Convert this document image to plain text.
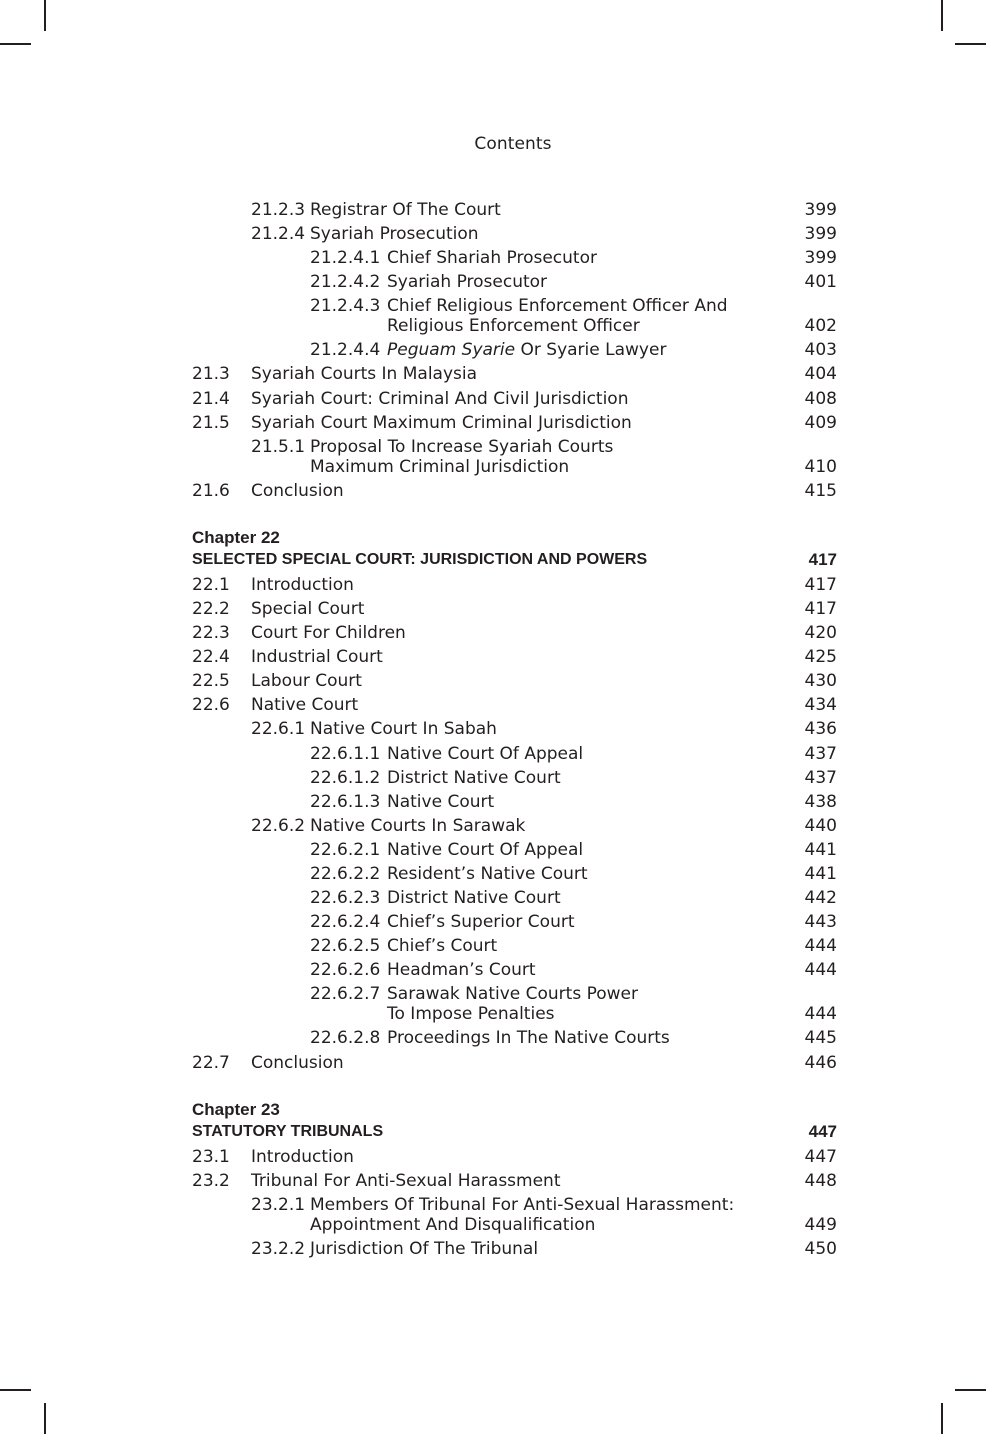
Contents
21.2.3 Registrar Of The Court	399
21.2.4 Syariah Prosecution	399
21.2.4.1 Chief Shariah Prosecutor	399
21.2.4.2 Syariah Prosecutor	401
21.2.4.3 Chief Religious Enforcement Officer And
Religious Enforcement Officer	402
21.2.4.4 Peguam Syarie Or Syarie Lawyer	403
21.3 Syariah Courts In Malaysia	404
21.4 Syariah Court: Criminal And Civil Jurisdiction	408
21.5 Syariah Court Maximum Criminal Jurisdiction	409
21.5.1 Proposal To Increase Syariah Courts
Maximum Criminal Jurisdiction	410
21.6 Conclusion	415
Chapter 22
SELECTED SPECIAL COURT: JURISDICTION AND POWERS	417
22.1 Introduction	417
22.2 Special Court	417
22.3 Court For Children	420
22.4 Industrial Court	425
22.5 Labour Court	430
22.6 Native Court	434
22.6.1 Native Court In Sabah	436
22.6.1.1 Native Court Of Appeal	437
22.6.1.2 District Native Court	437
22.6.1.3 Native Court	438
22.6.2 Native Courts In Sarawak	440
22.6.2.1 Native Court Of Appeal	441
22.6.2.2 Resident’s Native Court	441
22.6.2.3 District Native Court	442
22.6.2.4 Chief’s Superior Court	443
22.6.2.5 Chief’s Court	444
22.6.2.6 Headman’s Court	444
22.6.2.7 Sarawak Native Courts Power
To Impose Penalties	444
22.6.2.8 Proceedings In The Native Courts	445
22.7 Conclusion	446
Chapter 23
STATUTORY TRIBUNALS	447
23.1 Introduction	447
23.2 Tribunal For Anti-Sexual Harassment	448
23.2.1 Members Of Tribunal For Anti-Sexual Harassment:
Appointment And Disqualification	449
23.2.2 Jurisdiction Of The Tribunal	450
